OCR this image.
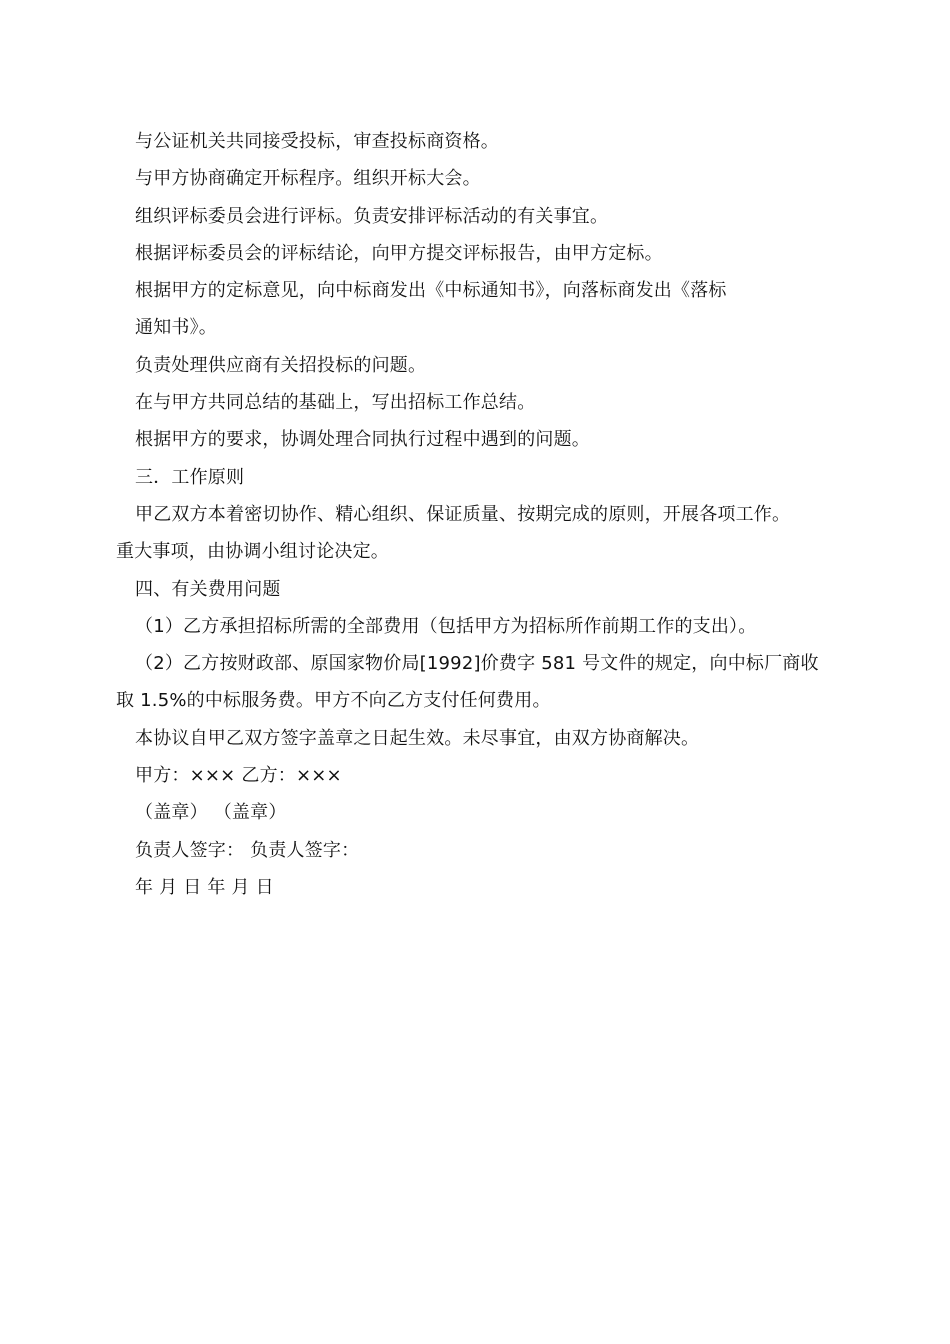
与公证机关共同接受投标，审查投标商资格。
与甲方协商确定开标程序。组织开标大会。
组织评标委员会进行评标。负责安排评标活动的有关事宜。
根据评标委员会的评标结论，向甲方提交评标报告，由甲方定标。
根据甲方的定标意见，向中标商发出《中标通知书》，向落标商发出《落标
通知书》。
负责处理供应商有关招投标的问题。
在与甲方共同总结的基础上，写出招标工作总结。
根据甲方的要求，协调处理合同执行过程中遇到的问题。
三．工作原则
甲乙双方本着密切协作、精心组织、保证质量、按期完成的原则，开展各项工作。
重大事项，由协调小组讨论决定。
四、有关费用问题
（1）乙方承担招标所需的全部费用（包括甲方为招标所作前期工作的支出）。
（2）乙方按财政部、原国家物价局[1992]价费字 581 号文件的规定，向中标厂商收
取 1.5%的中标服务费。甲方不向乙方支付任何费用。
本协议自甲乙双方签字盖章之日起生效。未尽事宜，由双方协商解决。
甲方：××× 乙方：×××
（盖章） （盖章）
负责人签字： 负责人签字：
年 月 日 年 月 日
